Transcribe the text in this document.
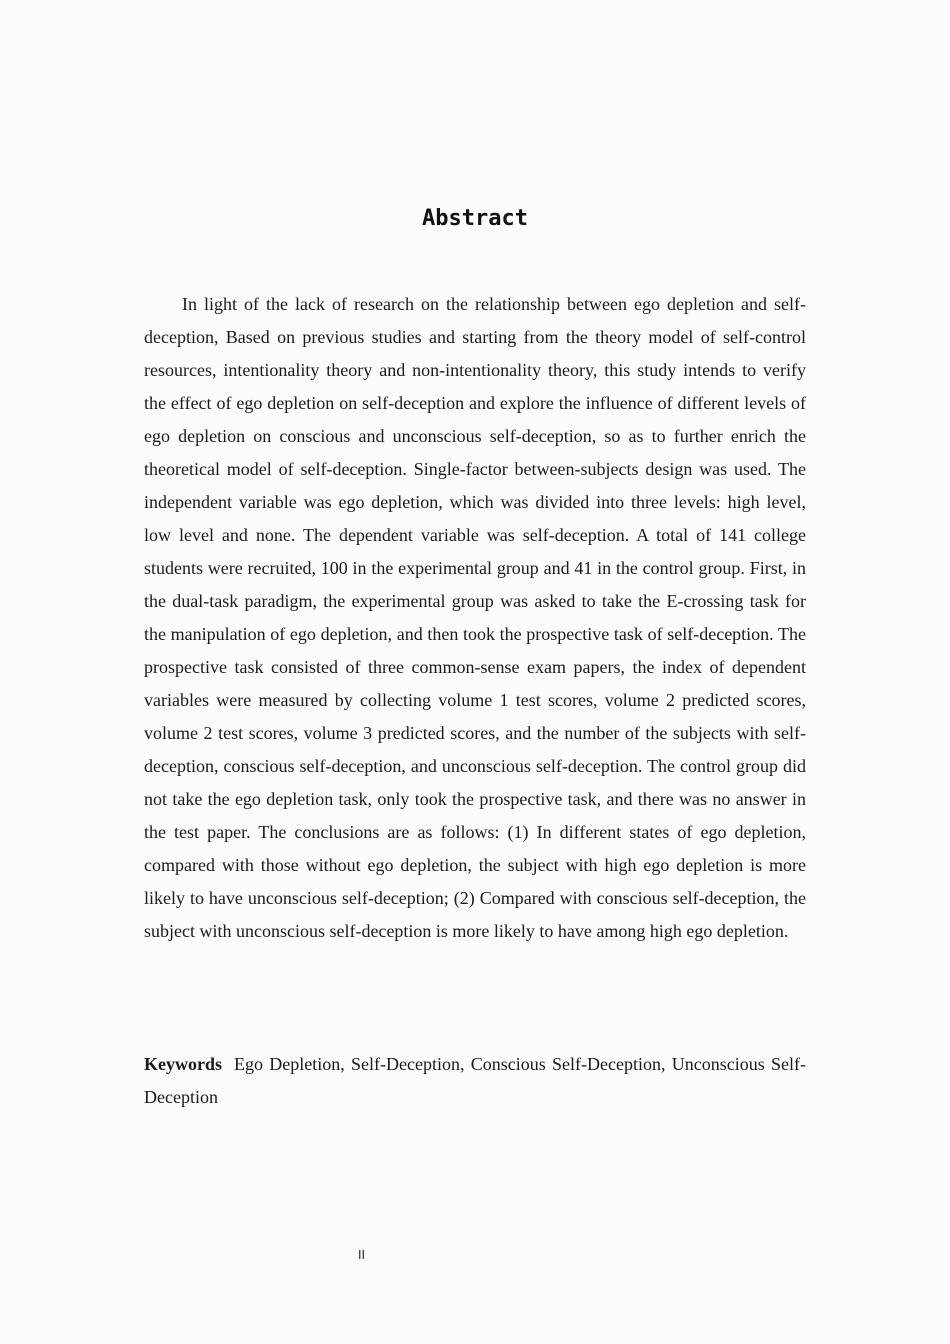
Abstract

In light of the lack of research on the relationship between ego depletion and self-deception, Based on previous studies and starting from the theory model of self-control resources, intentionality theory and non-intentionality theory, this study intends to verify the effect of ego depletion on self-deception and explore the influence of different levels of ego depletion on conscious and unconscious self-deception, so as to further enrich the theoretical model of self-deception. Single-factor between-subjects design was used. The independent variable was ego depletion, which was divided into three levels: high level, low level and none. The dependent variable was self-deception. A total of 141 college students were recruited, 100 in the experimental group and 41 in the control group. First, in the dual-task paradigm, the experimental group was asked to take the E-crossing task for the manipulation of ego depletion, and then took the prospective task of self-deception. The prospective task consisted of three common-sense exam papers, the index of dependent variables were measured by collecting volume 1 test scores, volume 2 predicted scores, volume 2 test scores, volume 3 predicted scores, and the number of the subjects with self-deception, conscious self-deception, and unconscious self-deception. The control group did not take the ego depletion task, only took the prospective task, and there was no answer in the test paper. The conclusions are as follows: (1) In different states of ego depletion, compared with those without ego depletion, the subject with high ego depletion is more likely to have unconscious self-deception; (2) Compared with conscious self-deception, the subject with unconscious self-deception is more likely to have among high ego depletion.

Keywords Ego Depletion, Self-Deception, Conscious Self-Deception, Unconscious Self-Deception

II
